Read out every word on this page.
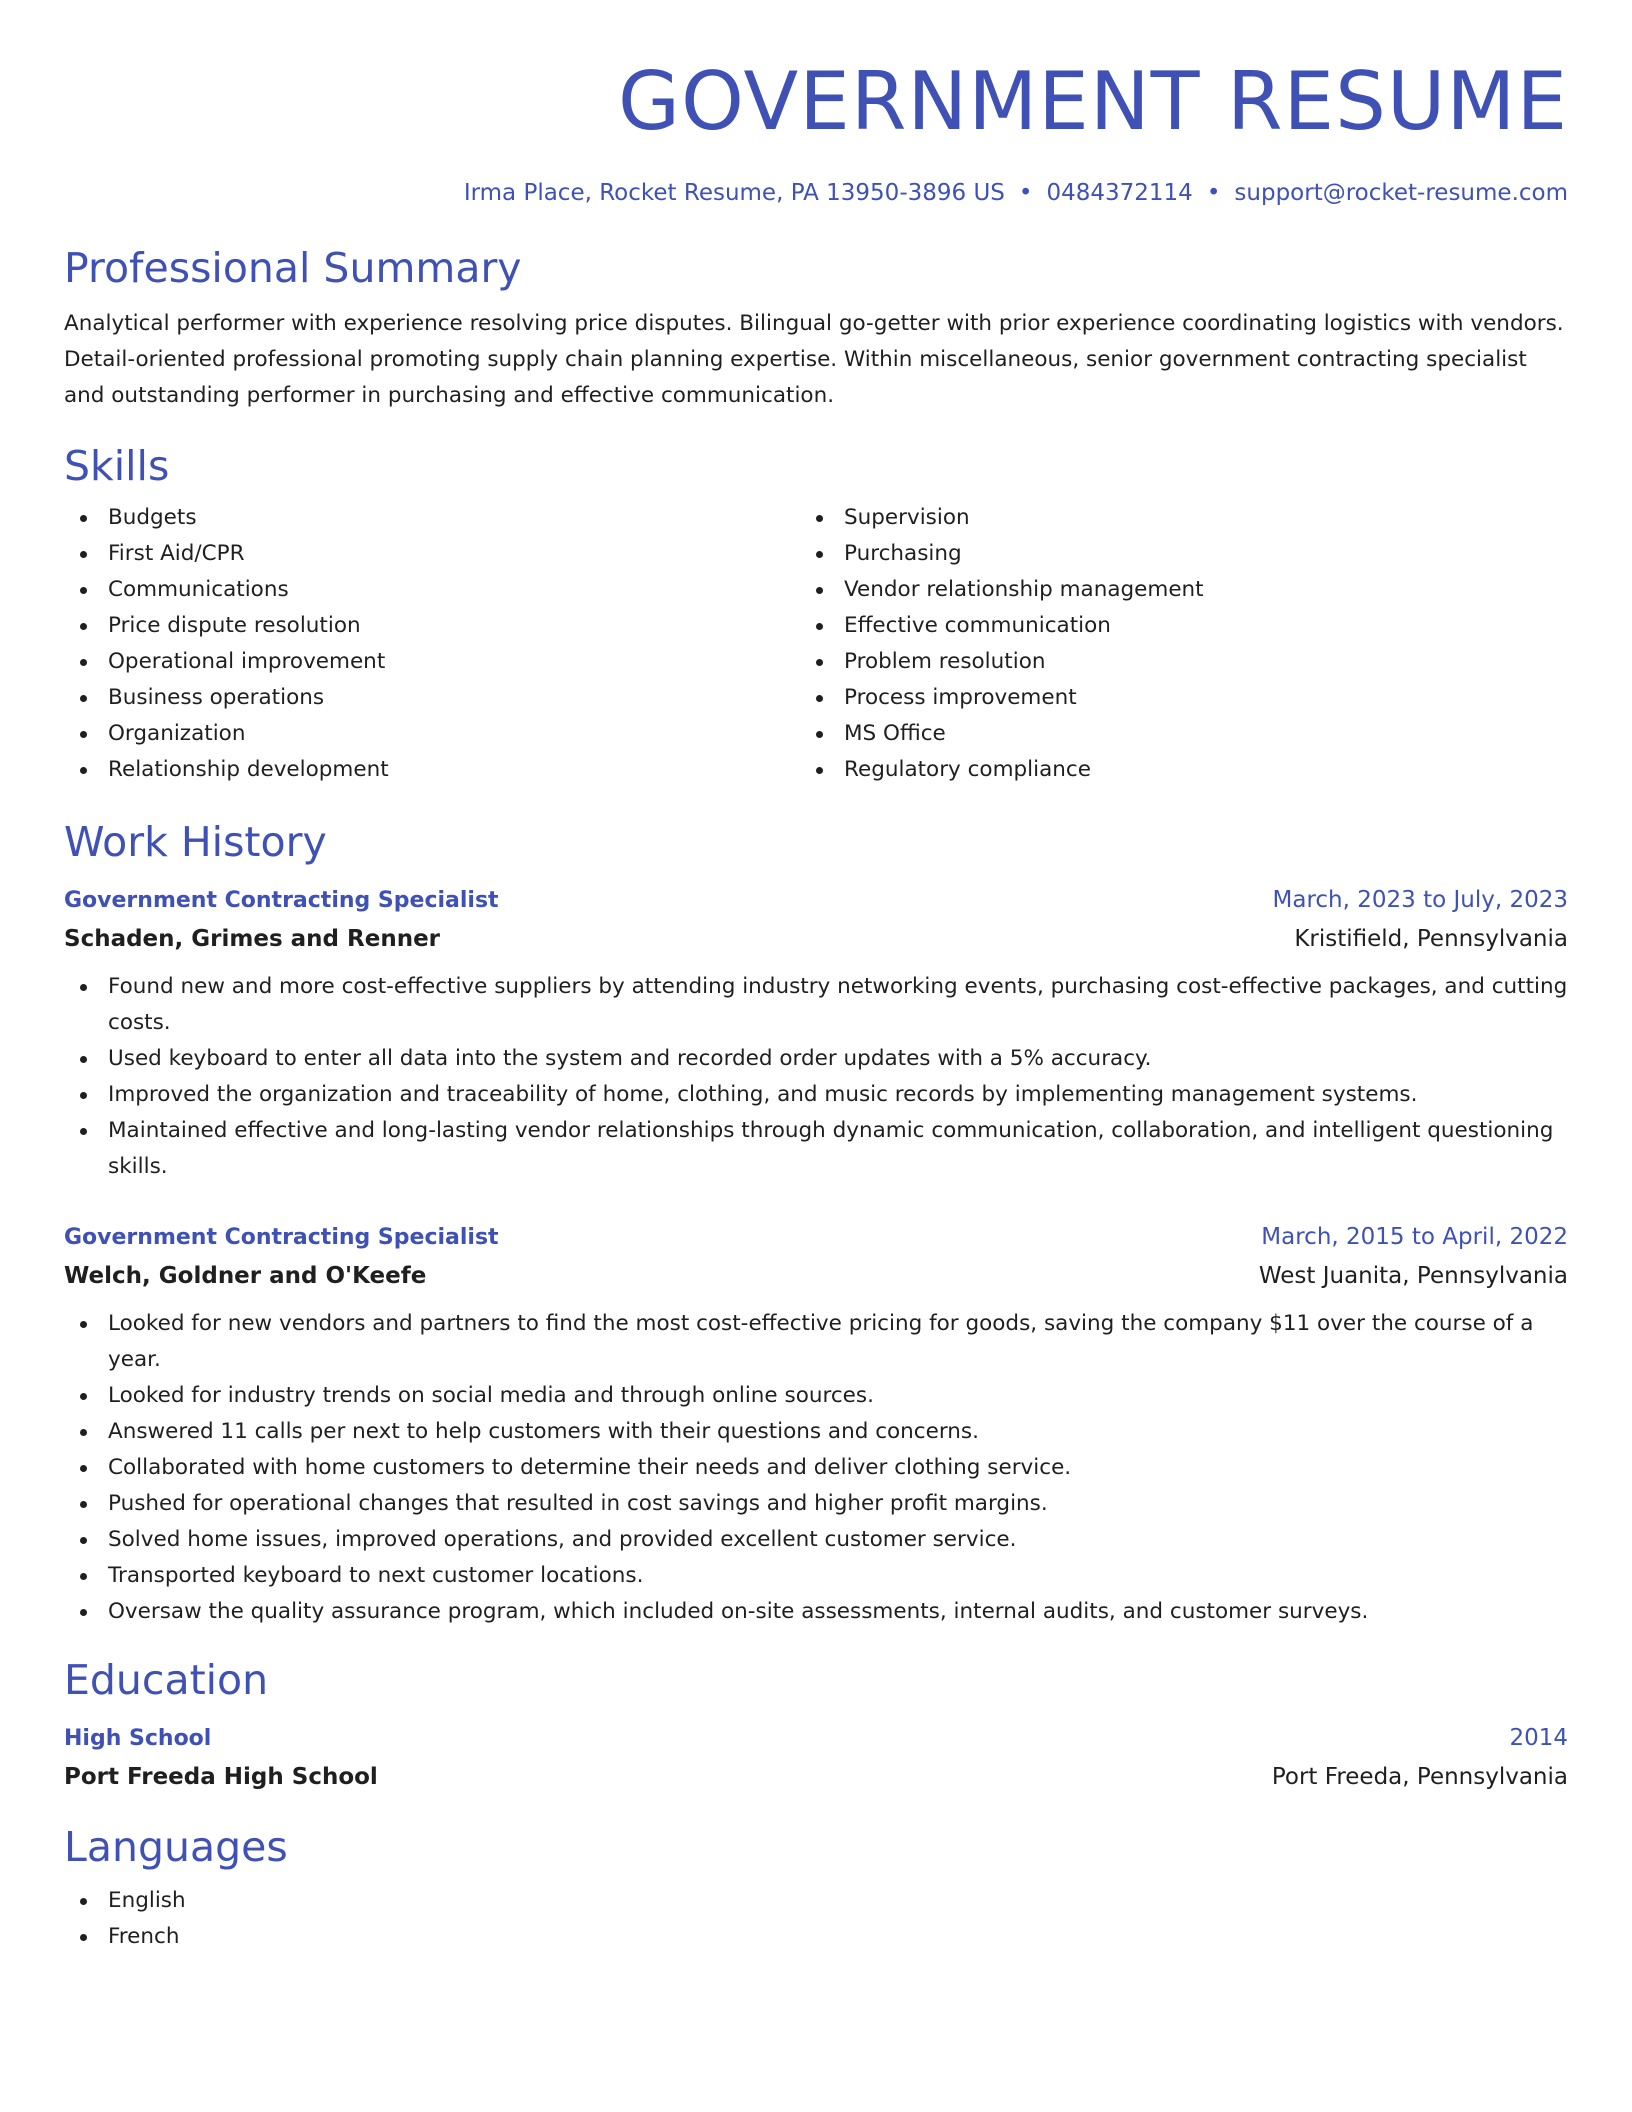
GOVERNMENT RESUME
Irma Place, Rocket Resume, PA 13950-3896 US • 0484372114 • support@rocket-resume.com
Professional Summary
Analytical performer with experience resolving price disputes. Bilingual go-getter with prior experience coordinating logistics with vendors. Detail-oriented professional promoting supply chain planning expertise. Within miscellaneous, senior government contracting specialist and outstanding performer in purchasing and effective communication.
Skills
Budgets
First Aid/CPR
Communications
Price dispute resolution
Operational improvement
Business operations
Organization
Relationship development
Supervision
Purchasing
Vendor relationship management
Effective communication
Problem resolution
Process improvement
MS Office
Regulatory compliance
Work History
Government Contracting Specialist	March, 2023 to July, 2023
Schaden, Grimes and Renner	Kristifield, Pennsylvania
Found new and more cost-effective suppliers by attending industry networking events, purchasing cost-effective packages, and cutting costs.
Used keyboard to enter all data into the system and recorded order updates with a 5% accuracy.
Improved the organization and traceability of home, clothing, and music records by implementing management systems.
Maintained effective and long-lasting vendor relationships through dynamic communication, collaboration, and intelligent questioning skills.
Government Contracting Specialist	March, 2015 to April, 2022
Welch, Goldner and O'Keefe	West Juanita, Pennsylvania
Looked for new vendors and partners to find the most cost-effective pricing for goods, saving the company $11 over the course of a year.
Looked for industry trends on social media and through online sources.
Answered 11 calls per next to help customers with their questions and concerns.
Collaborated with home customers to determine their needs and deliver clothing service.
Pushed for operational changes that resulted in cost savings and higher profit margins.
Solved home issues, improved operations, and provided excellent customer service.
Transported keyboard to next customer locations.
Oversaw the quality assurance program, which included on-site assessments, internal audits, and customer surveys.
Education
High School	2014
Port Freeda High School	Port Freeda, Pennsylvania
Languages
English
French
